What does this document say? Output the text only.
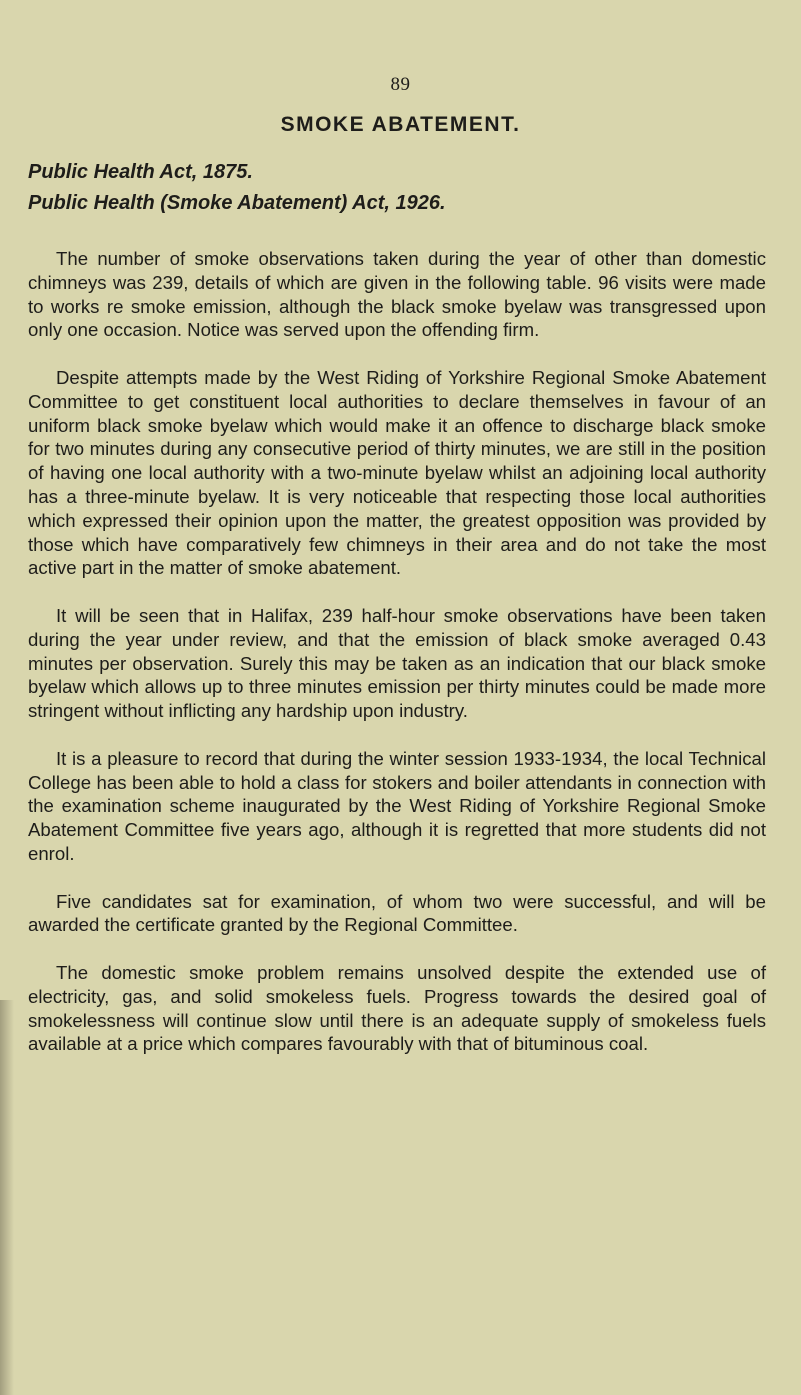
89
SMOKE ABATEMENT.
Public Health Act, 1875.
Public Health (Smoke Abatement) Act, 1926.

The number of smoke observations taken during the year of other than domestic chimneys was 239, details of which are given in the following table. 96 visits were made to works re smoke emission, although the black smoke byelaw was transgressed upon only one occasion. Notice was served upon the offending firm.

Despite attempts made by the West Riding of Yorkshire Regional Smoke Abatement Committee to get constituent local authorities to declare themselves in favour of an uniform black smoke byelaw which would make it an offence to discharge black smoke for two minutes during any consecutive period of thirty minutes, we are still in the position of having one local authority with a two-minute byelaw whilst an adjoining local authority has a three-minute byelaw. It is very noticeable that respecting those local authorities which expressed their opinion upon the matter, the greatest opposition was provided by those which have comparatively few chimneys in their area and do not take the most active part in the matter of smoke abatement.

It will be seen that in Halifax, 239 half-hour smoke observations have been taken during the year under review, and that the emission of black smoke averaged 0.43 minutes per observation. Surely this may be taken as an indication that our black smoke byelaw which allows up to three minutes emission per thirty minutes could be made more stringent without inflicting any hardship upon industry.

It is a pleasure to record that during the winter session 1933-1934, the local Technical College has been able to hold a class for stokers and boiler attendants in connection with the examination scheme inaugurated by the West Riding of Yorkshire Regional Smoke Abatement Committee five years ago, although it is regretted that more students did not enrol.

Five candidates sat for examination, of whom two were successful, and will be awarded the certificate granted by the Regional Committee.

The domestic smoke problem remains unsolved despite the extended use of electricity, gas, and solid smokeless fuels. Progress towards the desired goal of smokelessness will continue slow until there is an adequate supply of smokeless fuels available at a price which compares favourably with that of bituminous coal.
